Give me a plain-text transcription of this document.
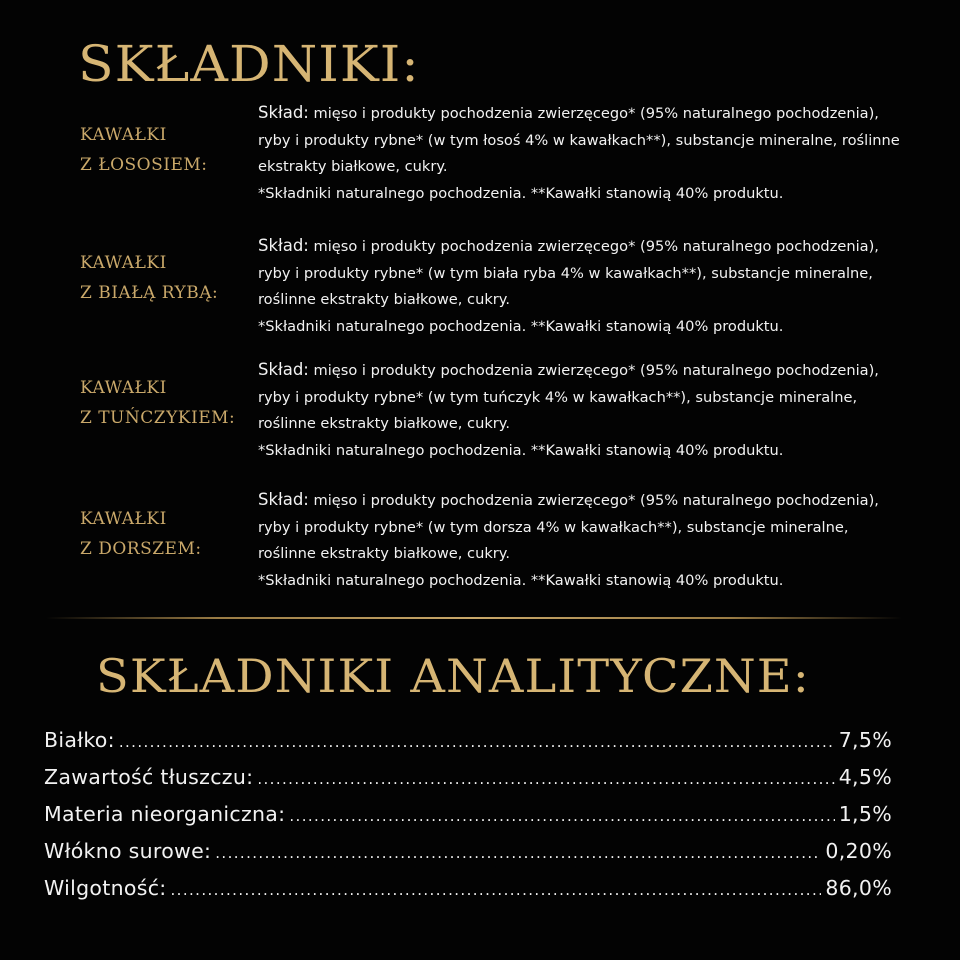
SKŁADNIKI:
KAWAŁKI
Z ŁOSOSIEM:
Skład: mięso i produkty pochodzenia zwierzęcego* (95% naturalnego pochodzenia),
ryby i produkty rybne* (w tym łosoś 4% w kawałkach**), substancje mineralne, roślinne
ekstrakty białkowe, cukry.
*Składniki naturalnego pochodzenia. **Kawałki stanowią 40% produktu.
KAWAŁKI
Z BIAŁĄ RYBĄ:
Skład: mięso i produkty pochodzenia zwierzęcego* (95% naturalnego pochodzenia),
ryby i produkty rybne* (w tym biała ryba 4% w kawałkach**), substancje mineralne,
roślinne ekstrakty białkowe, cukry.
*Składniki naturalnego pochodzenia. **Kawałki stanowią 40% produktu.
KAWAŁKI
Z TUŃCZYKIEM:
Skład: mięso i produkty pochodzenia zwierzęcego* (95% naturalnego pochodzenia),
ryby i produkty rybne* (w tym tuńczyk 4% w kawałkach**), substancje mineralne,
roślinne ekstrakty białkowe, cukry.
*Składniki naturalnego pochodzenia. **Kawałki stanowią 40% produktu.
KAWAŁKI
Z DORSZEM:
Skład: mięso i produkty pochodzenia zwierzęcego* (95% naturalnego pochodzenia),
ryby i produkty rybne* (w tym dorsza 4% w kawałkach**), substancje mineralne,
roślinne ekstrakty białkowe, cukry.
*Składniki naturalnego pochodzenia. **Kawałki stanowią 40% produktu.
SKŁADNIKI ANALITYCZNE:
Białko: .....	7,5%
Zawartość tłuszczu: .....	4,5%
Materia nieorganiczna: .....	1,5%
Włókno surowe: .....	0,20%
Wilgotność: .....	86,0%
